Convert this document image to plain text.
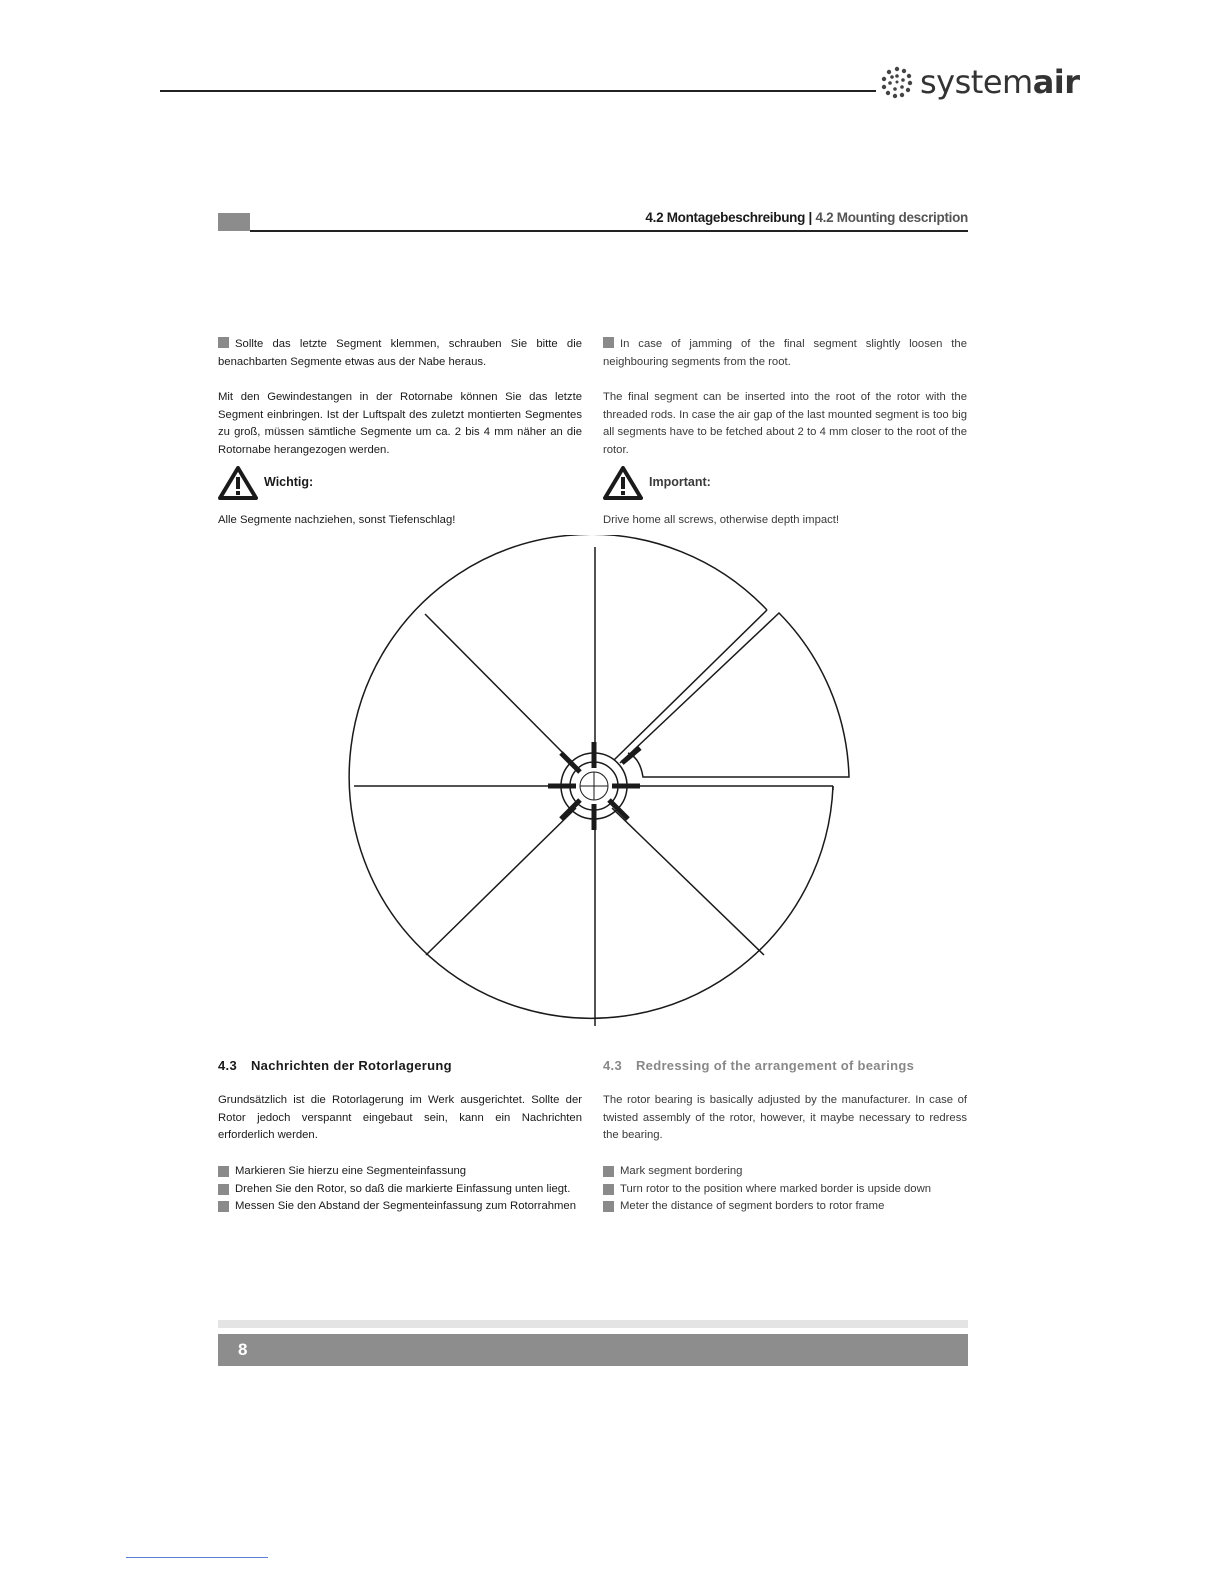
systemair
4.2 Montagebeschreibung | 4.2 Mounting description
Sollte das letzte Segment klemmen, schrauben Sie bitte die benachbarten Segmente etwas aus der Nabe heraus.
Mit den Gewindestangen in der Rotornabe können Sie das letzte Segment einbringen. Ist der Luftspalt des zuletzt montierten Segmentes zu groß, müssen sämtliche Segmente um ca. 2 bis 4 mm näher an die Rotornabe herangezogen werden.
Wichtig:
Alle Segmente nachziehen, sonst Tiefenschlag!
In case of jamming of the final segment slightly loosen the neighbouring segments from the root.
The final segment can be inserted into the root of the rotor with the threaded rods. In case the air gap of the last mounted segment is too big all segments have to be fetched about 2 to 4 mm closer to the root of the rotor.
Important:
Drive home all screws, otherwise depth impact!
4.3 Nachrichten der Rotorlagerung	4.3 Redressing of the arrangement of bearings
Grundsätzlich ist die Rotorlagerung im Werk ausgerichtet. Sollte der Rotor jedoch verspannt eingebaut sein, kann ein Nachrichten erforderlich werden.
The rotor bearing is basically adjusted by the manufacturer. In case of twisted assembly of the rotor, however, it maybe necessary to redress the bearing.
Markieren Sie hierzu eine Segmenteinfassung
Drehen Sie den Rotor, so daß die markierte Einfassung unten liegt.
Messen Sie den Abstand der Segmenteinfassung zum Rotorrahmen
Mark segment bordering
Turn rotor to the position where marked border is upside down
Meter the distance of segment borders to rotor frame
8
